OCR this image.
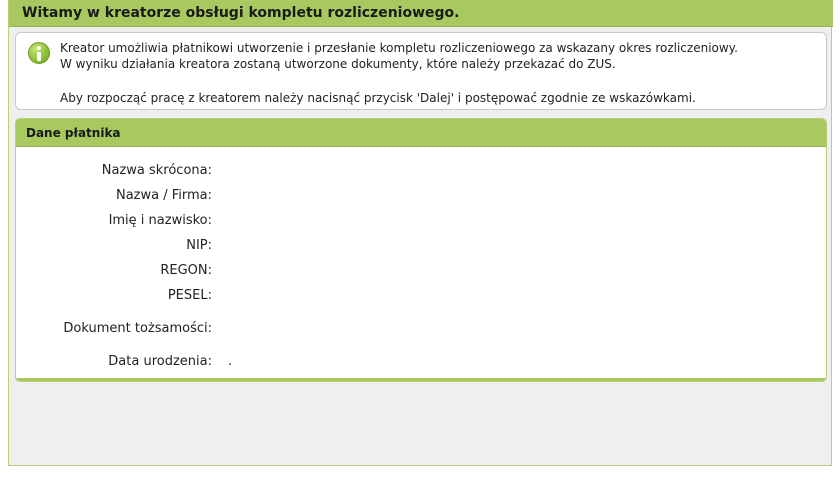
Witamy w kreatorze obsługi kompletu rozliczeniowego.
Kreator umożliwia płatnikowi utworzenie i przesłanie kompletu rozliczeniowego za wskazany okres rozliczeniowy.
W wyniku działania kreatora zostaną utworzone dokumenty, które należy przekazać do ZUS.
Aby rozpocząć pracę z kreatorem należy nacisnąć przycisk 'Dalej' i postępować zgodnie ze wskazówkami.
Dane płatnika
Nazwa skrócona:
Nazwa / Firma:
Imię i nazwisko:
NIP:
REGON:
PESEL:
Dokument tożsamości:
Data urodzenia: .
